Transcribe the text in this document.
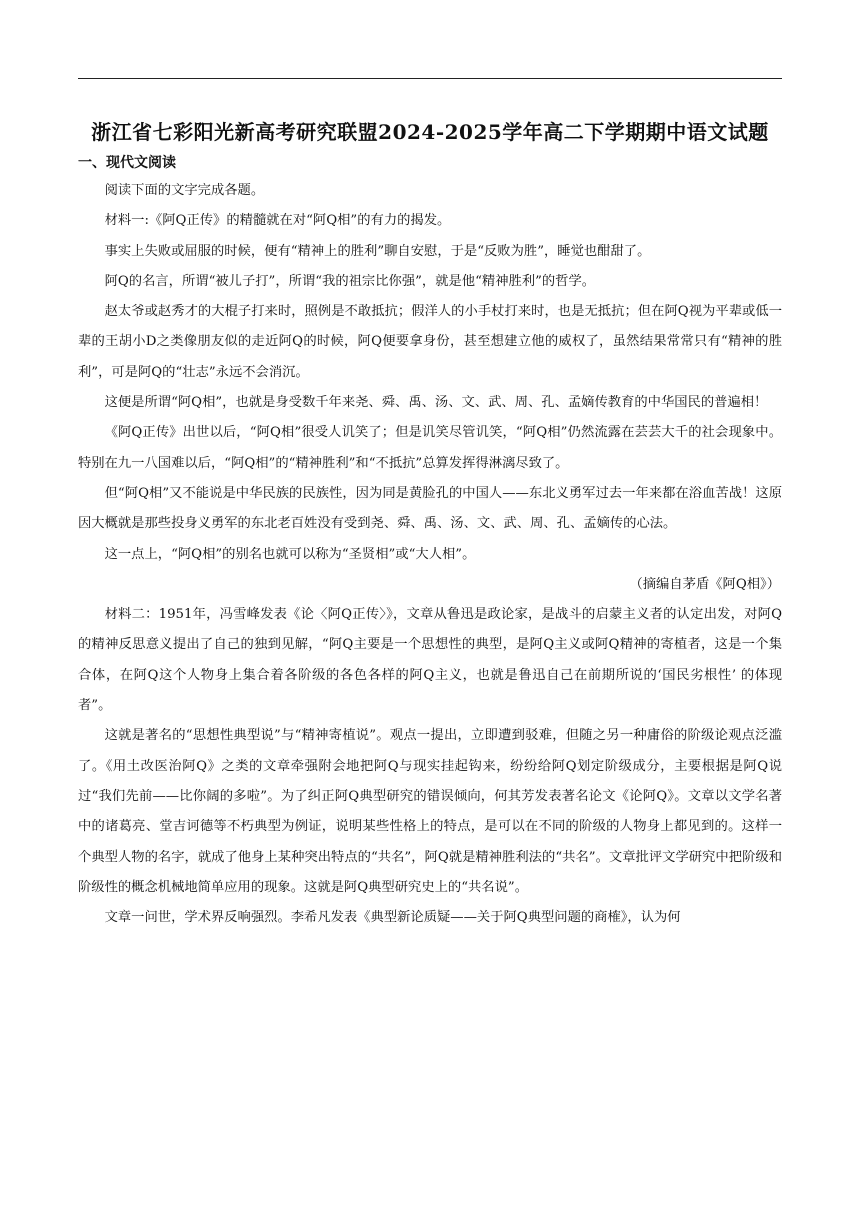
浙江省七彩阳光新高考研究联盟2024-2025学年高二下学期期中语文试题
一、现代文阅读

阅读下面的文字完成各题。

材料一:《阿Q正传》的精髓就在对“阿Q相”的有力的揭发。

事实上失败或屈服的时候，便有“精神上的胜利”聊自安慰，于是“反败为胜”，睡觉也酣甜了。

阿Q的名言，所谓“被儿子打”，所谓“我的祖宗比你强”，就是他“精神胜利”的哲学。

赵太爷或赵秀才的大棍子打来时，照例是不敢抵抗；假洋人的小手杖打来时，也是无抵抗；但在阿Q视为平辈或低一辈的王胡小D之类像朋友似的走近阿Q的时候，阿Q便要拿身份，甚至想建立他的威权了，虽然结果常常只有“精神的胜利”，可是阿Q的“壮志”永远不会消沉。

这便是所谓“阿Q相”，也就是身受数千年来尧、舜、禹、汤、文、武、周、孔、孟嫡传教育的中华国民的普遍相！

《阿Q正传》出世以后，“阿Q相”很受人讥笑了；但是讥笑尽管讥笑，“阿Q相”仍然流露在芸芸大千的社会现象中。特别在九一八国难以后，“阿Q相”的“精神胜利”和“不抵抗”总算发挥得淋漓尽致了。

但“阿Q相”又不能说是中华民族的民族性，因为同是黄脸孔的中国人——东北义勇军过去一年来都在浴血苦战！这原因大概就是那些投身义勇军的东北老百姓没有受到尧、舜、禹、汤、文、武、周、孔、孟嫡传的心法。

这一点上，“阿Q相”的别名也就可以称为“圣贤相”或“大人相”。

（摘编自茅盾《阿Q相》）

材料二：1951年，冯雪峰发表《论〈阿Q正传〉》，文章从鲁迅是政论家，是战斗的启蒙主义者的认定出发，对阿Q的精神反思意义提出了自己的独到见解，“阿Q主要是一个思想性的典型，是阿Q主义或阿Q精神的寄植者，这是一个集合体，在阿Q这个人物身上集合着各阶级的各色各样的阿Q主义，也就是鲁迅自己在前期所说的‘国民劣根性’ 的体现者”。

这就是著名的“思想性典型说”与“精神寄植说”。观点一提出，立即遭到驳难，但随之另一种庸俗的阶级论观点泛滥了。《用土改医治阿Q》之类的文章牵强附会地把阿Q与现实挂起钩来，纷纷给阿Q划定阶级成分，主要根据是阿Q说过“我们先前——比你阔的多啦”。为了纠正阿Q典型研究的错误倾向，何其芳发表著名论文《论阿Q》。文章以文学名著中的诸葛亮、堂吉诃德等不朽典型为例证，说明某些性格上的特点，是可以在不同的阶级的人物身上都见到的。这样一个典型人物的名字，就成了他身上某种突出特点的“共名”，阿Q就是精神胜利法的“共名”。文章批评文学研究中把阶级和阶级性的概念机械地简单应用的现象。这就是阿Q典型研究史上的“共名说”。

文章一问世，学术界反响强烈。李希凡发表《典型新论质疑——关于阿Q典型问题的商榷》，认为何
